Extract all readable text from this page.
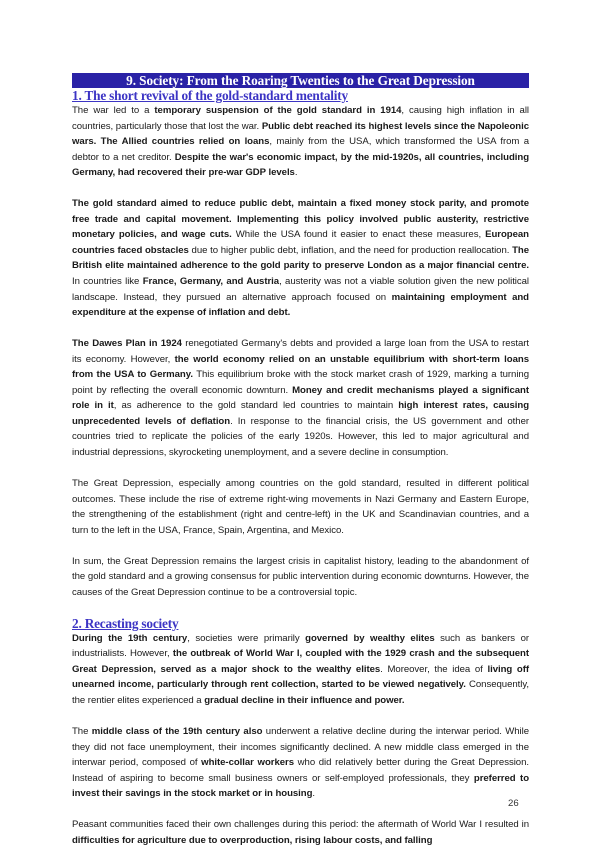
9. Society: From the Roaring Twenties to the Great Depression
1. The short revival of the gold-standard mentality

The war led to a temporary suspension of the gold standard in 1914, causing high inflation in all countries, particularly those that lost the war. Public debt reached its highest levels since the Napoleonic wars. The Allied countries relied on loans, mainly from the USA, which transformed the USA from a debtor to a net creditor. Despite the war's economic impact, by the mid-1920s, all countries, including Germany, had recovered their pre-war GDP levels.

The gold standard aimed to reduce public debt, maintain a fixed money stock parity, and promote free trade and capital movement. Implementing this policy involved public austerity, restrictive monetary policies, and wage cuts. While the USA found it easier to enact these measures, European countries faced obstacles due to higher public debt, inflation, and the need for production reallocation. The British elite maintained adherence to the gold parity to preserve London as a major financial centre. In countries like France, Germany, and Austria, austerity was not a viable solution given the new political landscape. Instead, they pursued an alternative approach focused on maintaining employment and expenditure at the expense of inflation and debt.

The Dawes Plan in 1924 renegotiated Germany's debts and provided a large loan from the USA to restart its economy. However, the world economy relied on an unstable equilibrium with short-term loans from the USA to Germany. This equilibrium broke with the stock market crash of 1929, marking a turning point by reflecting the overall economic downturn. Money and credit mechanisms played a significant role in it, as adherence to the gold standard led countries to maintain high interest rates, causing unprecedented levels of deflation. In response to the financial crisis, the US government and other countries tried to replicate the policies of the early 1920s. However, this led to major agricultural and industrial depressions, skyrocketing unemployment, and a severe decline in consumption.

The Great Depression, especially among countries on the gold standard, resulted in different political outcomes. These include the rise of extreme right-wing movements in Nazi Germany and Eastern Europe, the strengthening of the establishment (right and centre-left) in the UK and Scandinavian countries, and a turn to the left in the USA, France, Spain, Argentina, and Mexico.

In sum, the Great Depression remains the largest crisis in capitalist history, leading to the abandonment of the gold standard and a growing consensus for public intervention during economic downturns. However, the causes of the Great Depression continue to be a controversial topic.

2. Recasting society

During the 19th century, societies were primarily governed by wealthy elites such as bankers or industrialists. However, the outbreak of World War I, coupled with the 1929 crash and the subsequent Great Depression, served as a major shock to the wealthy elites. Moreover, the idea of living off unearned income, particularly through rent collection, started to be viewed negatively. Consequently, the rentier elites experienced a gradual decline in their influence and power.

The middle class of the 19th century also underwent a relative decline during the interwar period. While they did not face unemployment, their incomes significantly declined. A new middle class emerged in the interwar period, composed of white-collar workers who did relatively better during the Great Depression. Instead of aspiring to become small business owners or self-employed professionals, they preferred to invest their savings in the stock market or in housing.

Peasant communities faced their own challenges during this period: the aftermath of World War I resulted in difficulties for agriculture due to overproduction, rising labour costs, and falling

26
